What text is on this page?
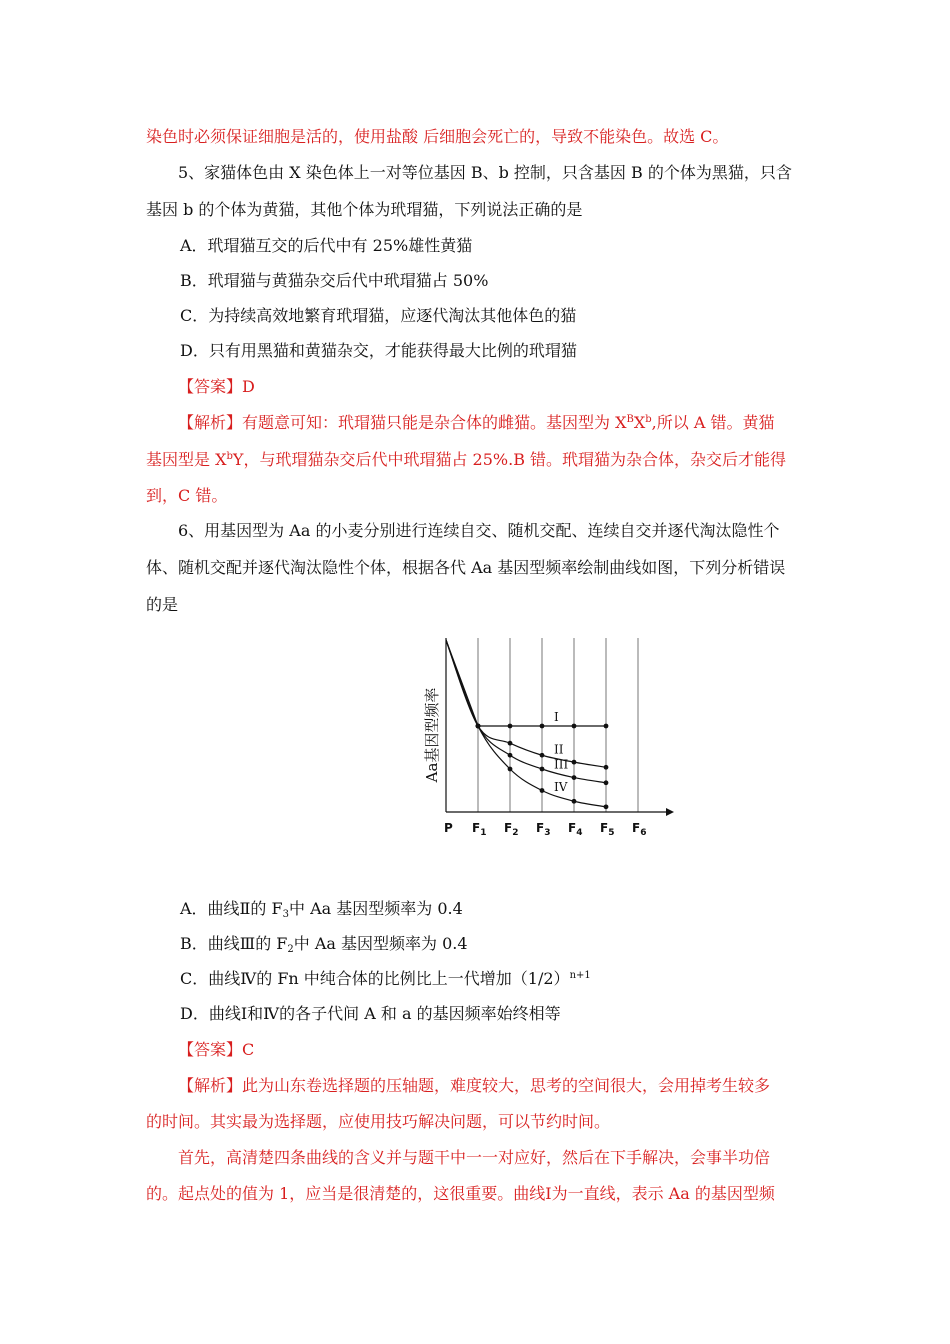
染色时必须保证细胞是活的，使用盐酸 后细胞会死亡的，导致不能染色。故选 C。
5、家猫体色由 X 染色体上一对等位基因 B、b 控制，只含基因 B 的个体为黑猫，只含
基因 b 的个体为黄猫，其他个体为玳瑁猫，下列说法正确的是
A．玳瑁猫互交的后代中有 25%雄性黄猫
B．玳瑁猫与黄猫杂交后代中玳瑁猫占 50%
C．为持续高效地繁育玳瑁猫，应逐代淘汰其他体色的猫
D．只有用黑猫和黄猫杂交，才能获得最大比例的玳瑁猫
【答案】D
【解析】有题意可知：玳瑁猫只能是杂合体的雌猫。基因型为 $X^BX^b$,所以 A 错。黄猫
基因型是 $X^bY$，与玳瑁猫杂交后代中玳瑁猫占 25%.B 错。玳瑁猫为杂合体，杂交后才能得
到，C 错。
6、用基因型为 Aa 的小麦分别进行连续自交、随机交配、连续自交并逐代淘汰隐性个
体、随机交配并逐代淘汰隐性个体，根据各代 Aa 基因型频率绘制曲线如图，下列分析错误
的是
Aa基因型频率	I
II
III
IV
P $F_1$ $F_2$ $F_3$ $F_4$ $F_5$ $F_6$
A．曲线Ⅱ的 $F_3$中 Aa 基因型频率为 0.4
B．曲线Ⅲ的 $F_2$中 Aa 基因型频率为 0.4
C．曲线Ⅳ的 Fn 中纯合体的比例比上一代增加$(1/2)^{n+1}$
D．曲线Ⅰ和Ⅳ的各子代间 A 和 a 的基因频率始终相等
【答案】C
【解析】此为山东卷选择题的压轴题，难度较大，思考的空间很大，会用掉考生较多
的时间。其实最为选择题，应使用技巧解决问题，可以节约时间。
首先，高清楚四条曲线的含义并与题干中一一对应好，然后在下手解决，会事半功倍
的。起点处的值为 1，应当是很清楚的，这很重要。曲线Ⅰ为一直线，表示 Aa 的基因型频
